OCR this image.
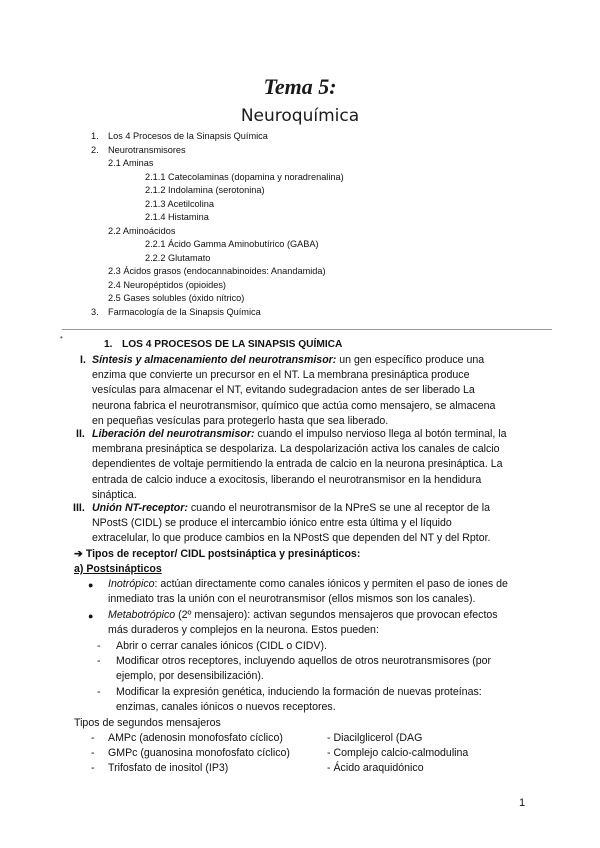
Tema 5:
Neuroquímica
1. Los 4 Procesos de la Sinapsis Química
2. Neurotransmisores
2.1 Aminas
2.1.1 Catecolaminas (dopamina y noradrenalina)
2.1.2 Indolamina (serotonina)
2.1.3 Acetilcolina
2.1.4 Histamina
2.2 Aminoácidos
2.2.1 Ácido Gamma Aminobutírico (GABA)
2.2.2 Glutamato
2.3 Ácidos grasos (endocannabinoides: Anandamida)
2.4 Neuropéptidos (opioides)
2.5 Gases solubles (óxido nítrico)
3. Farmacología de la Sinapsis Química
•
1. LOS 4 PROCESOS DE LA SINAPSIS QUÍMICA
I. Síntesis y almacenamiento del neurotransmisor: un gen específico produce una
enzima que convierte un precursor en el NT. La membrana presináptica produce
vesículas para almacenar el NT, evitando sudegradacion antes de ser liberado La
neurona fabrica el neurotransmisor, químico que actúa como mensajero, se almacena
en pequeñas vesículas para protegerlo hasta que sea liberado.
II. Liberación del neurotransmisor: cuando el impulso nervioso llega al botón terminal, la
membrana presináptica se despolariza. La despolarización activa los canales de calcio
dependientes de voltaje permitiendo la entrada de calcio en la neurona presináptica. La
entrada de calcio induce a exocitosis, liberando el neurotransmisor en la hendidura
sináptica.
III. Unión NT-receptor: cuando el neurotransmisor de la NPreS se une al receptor de la
NPostS (CIDL) se produce el intercambio iónico entre esta última y el líquido
extracelular, lo que produce cambios en la NPostS que dependen del NT y del Rptor.
➔ Tipos de receptor/ CIDL postsináptica y presinápticos:
a) Postsinápticos
● Inotrópico: actúan directamente como canales iónicos y permiten el paso de iones de
inmediato tras la unión con el neurotransmisor (ellos mismos son los canales).
● Metabotrópico (2º mensajero): activan segundos mensajeros que provocan efectos
más duraderos y complejos en la neurona. Estos pueden:
- Abrir o cerrar canales iónicos (CIDL o CIDV).
- Modificar otros receptores, incluyendo aquellos de otros neurotransmisores (por
ejemplo, por desensibilización).
- Modificar la expresión genética, induciendo la formación de nuevas proteínas:
enzimas, canales iónicos o nuevos receptores.
Tipos de segundos mensajeros
- AMPc (adenosin monofosfato cíclico)	- Diacilglicerol (DAG
- GMPc (guanosina monofosfato cíclico)	- Complejo calcio-calmodulina
- Trifosfato de inositol (IP3)	- Ácido araquidónico
1
